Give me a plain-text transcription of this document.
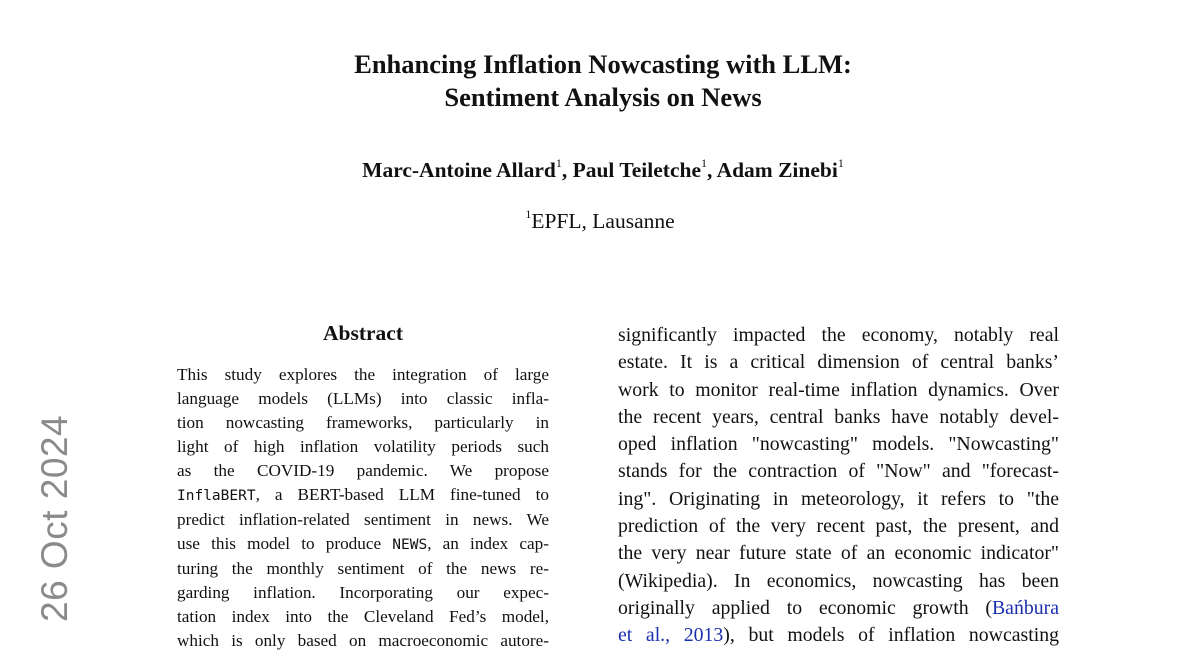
26 Oct 2024
Enhancing Inflation Nowcasting with LLM:
Sentiment Analysis on News
Marc-Antoine Allard$^1$, Paul Teiletche$^1$, Adam Zinebi$^1$
$^1$EPFL, Lausanne
Abstract
This study explores the integration of large
language models (LLMs) into classic infla-
tion nowcasting frameworks, particularly in
light of high inflation volatility periods such
as the COVID-19 pandemic. We propose
InflaBERT, a BERT-based LLM fine-tuned to
predict inflation-related sentiment in news. We
use this model to produce NEWS, an index cap-
turing the monthly sentiment of the news re-
garding inflation. Incorporating our expec-
tation index into the Cleveland Fed’s model,
which is only based on macroeconomic autore-
significantly impacted the economy, notably real
estate. It is a critical dimension of central banks’
work to monitor real-time inflation dynamics. Over
the recent years, central banks have notably devel-
oped inflation "nowcasting" models. "Nowcasting"
stands for the contraction of "Now" and "forecast-
ing". Originating in meteorology, it refers to "the
prediction of the very recent past, the present, and
the very near future state of an economic indicator"
(Wikipedia). In economics, nowcasting has been
originally applied to economic growth (Bańbura
et al., 2013), but models of inflation nowcasting
